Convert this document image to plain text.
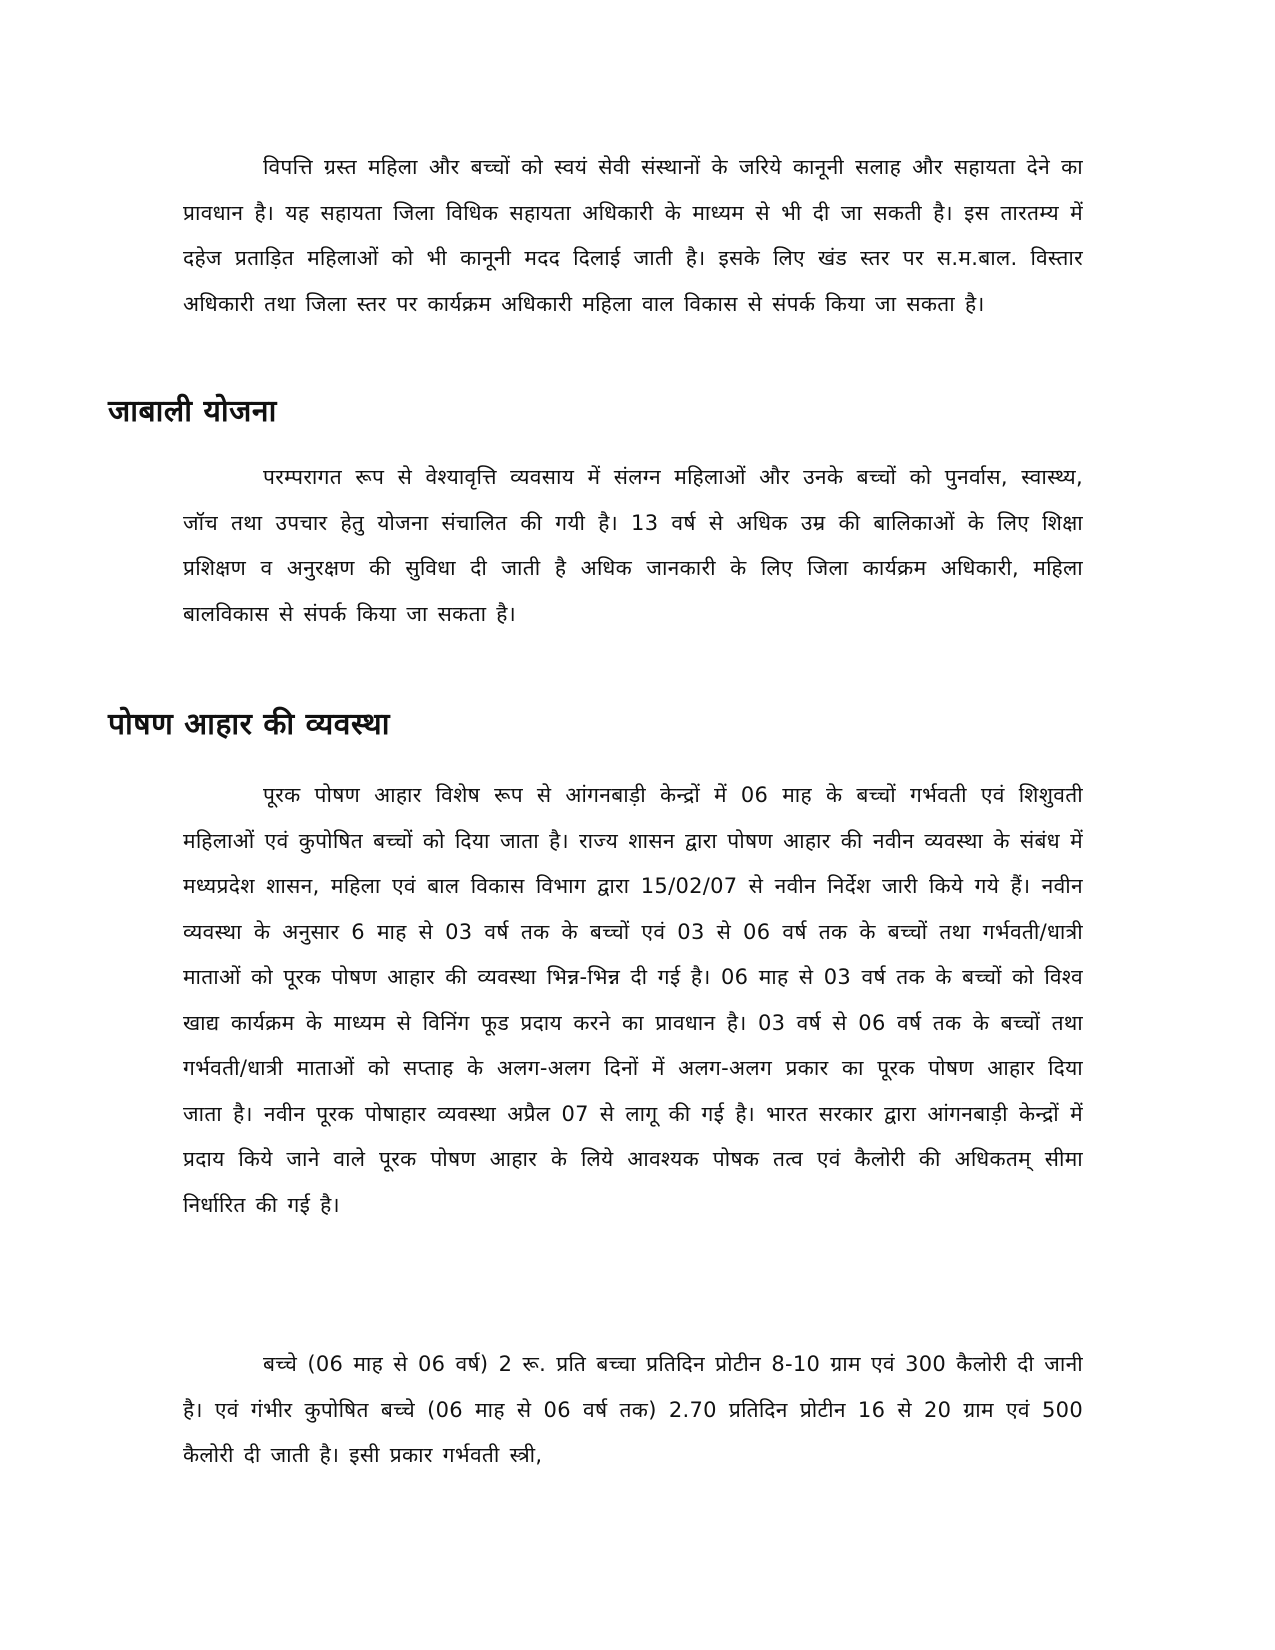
विपत्ति ग्रस्त महिला और बच्चों को स्वयं सेवी संस्थानों के जरिये कानूनी सलाह और सहायता देने का प्रावधान है। यह सहायता जिला विधिक सहायता अधिकारी के माध्यम से भी दी जा सकती है। इस तारतम्य में दहेज प्रताड़ित महिलाओं को भी कानूनी मदद दिलाई जाती है। इसके लिए खंड स्तर पर स.म.बाल. विस्तार अधिकारी तथा जिला स्तर पर कार्यक्रम अधिकारी महिला वाल विकास से संपर्क किया जा सकता है।

जाबाली योजना

परम्परागत रूप से वेश्यावृत्ति व्यवसाय में संलग्न महिलाओं और उनके बच्चों को पुनर्वास, स्वास्थ्य, जॉच तथा उपचार हेतु योजना संचालित की गयी है। 13 वर्ष से अधिक उम्र की बालिकाओं के लिए शिक्षा प्रशिक्षण व अनुरक्षण की सुविधा दी जाती है अधिक जानकारी के लिए जिला कार्यक्रम अधिकारी, महिला बालविकास से संपर्क किया जा सकता है।

पोषण आहार की व्यवस्था

पूरक पोषण आहार विशेष रूप से आंगनबाड़ी केन्द्रों में 06 माह के बच्चों गर्भवती एवं शिशुवती महिलाओं एवं कुपोषित बच्चों को दिया जाता है। राज्य शासन द्वारा पोषण आहार की नवीन व्यवस्था के संबंध में मध्यप्रदेश शासन, महिला एवं बाल विकास विभाग द्वारा 15/02/07 से नवीन निर्देश जारी किये गये हैं। नवीन व्यवस्था के अनुसार 6 माह से 03 वर्ष तक के बच्चों एवं 03 से 06 वर्ष तक के बच्चों तथा गर्भवती/धात्री माताओं को पूरक पोषण आहार की व्यवस्था भिन्न-भिन्न दी गई है। 06 माह से 03 वर्ष तक के बच्चों को विश्व खाद्य कार्यक्रम के माध्यम से विनिंग फूड प्रदाय करने का प्रावधान है। 03 वर्ष से 06 वर्ष तक के बच्चों तथा गर्भवती/धात्री माताओं को सप्ताह के अलग-अलग दिनों में अलग-अलग प्रकार का पूरक पोषण आहार दिया जाता है। नवीन पूरक पोषाहार व्यवस्था अप्रैल 07 से लागू की गई है। भारत सरकार द्वारा आंगनबाड़ी केन्द्रों में प्रदाय किये जाने वाले पूरक पोषण आहार के लिये आवश्यक पोषक तत्व एवं कैलोरी की अधिकतम् सीमा निर्धारित की गई है।

बच्चे (06 माह से 06 वर्ष) 2 रू. प्रति बच्चा प्रतिदिन प्रोटीन 8-10 ग्राम एवं 300 कैलोरी दी जानी है। एवं गंभीर कुपोषित बच्चे (06 माह से 06 वर्ष तक) 2.70 प्रतिदिन प्रोटीन 16 से 20 ग्राम एवं 500 कैलोरी दी जाती है। इसी प्रकार गर्भवती स्त्री,
